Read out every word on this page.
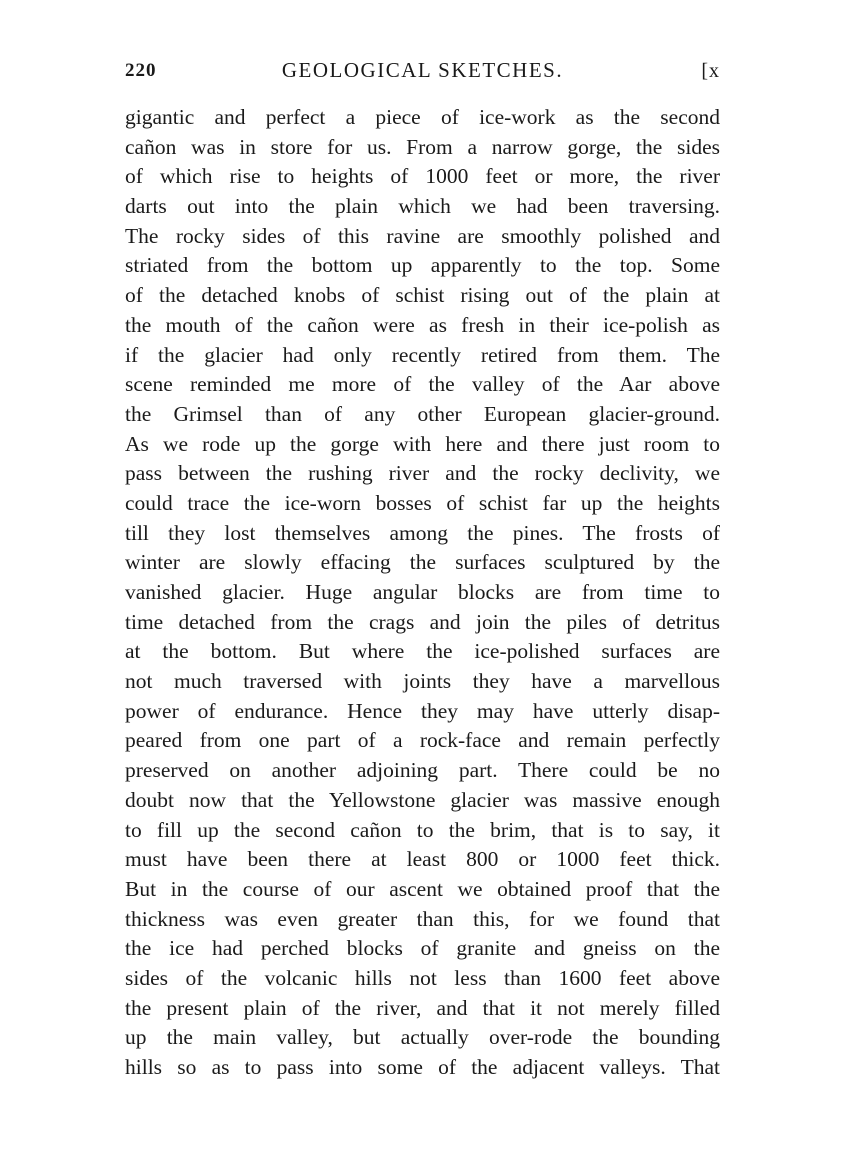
220	GEOLOGICAL SKETCHES.	[x
gigantic and perfect a piece of ice-work as the second
cañon was in store for us. From a narrow gorge, the sides
of which rise to heights of 1000 feet or more, the river
darts out into the plain which we had been traversing.
The rocky sides of this ravine are smoothly polished and
striated from the bottom up apparently to the top. Some
of the detached knobs of schist rising out of the plain at
the mouth of the cañon were as fresh in their ice-polish as
if the glacier had only recently retired from them. The
scene reminded me more of the valley of the Aar above
the Grimsel than of any other European glacier-ground.
As we rode up the gorge with here and there just room to
pass between the rushing river and the rocky declivity, we
could trace the ice-worn bosses of schist far up the heights
till they lost themselves among the pines. The frosts of
winter are slowly effacing the surfaces sculptured by the
vanished glacier. Huge angular blocks are from time to
time detached from the crags and join the piles of detritus
at the bottom. But where the ice-polished surfaces are
not much traversed with joints they have a marvellous
power of endurance. Hence they may have utterly disap-
peared from one part of a rock-face and remain perfectly
preserved on another adjoining part. There could be no
doubt now that the Yellowstone glacier was massive enough
to fill up the second cañon to the brim, that is to say, it
must have been there at least 800 or 1000 feet thick.
But in the course of our ascent we obtained proof that the
thickness was even greater than this, for we found that
the ice had perched blocks of granite and gneiss on the
sides of the volcanic hills not less than 1600 feet above
the present plain of the river, and that it not merely filled
up the main valley, but actually over-rode the bounding
hills so as to pass into some of the adjacent valleys. That
